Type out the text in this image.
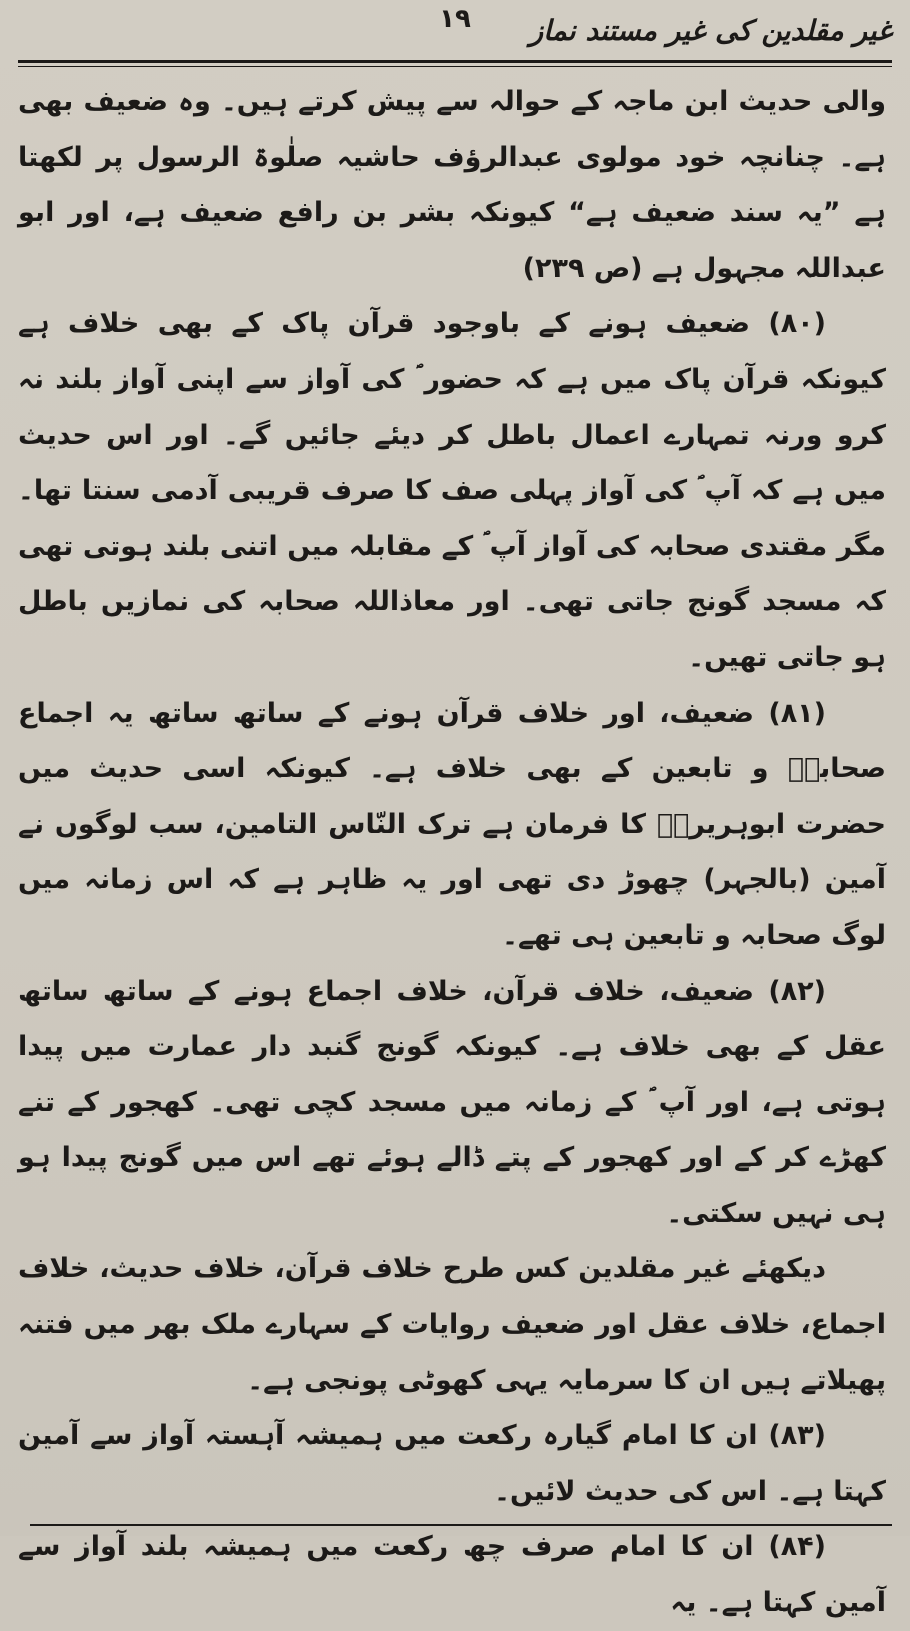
١٩	غیر مقلدین کی غیر مستند نماز

والی حدیث ابن ماجہ کے حوالہ سے پیش کرتے ہیں۔ وہ ضعیف بھی ہے۔ چنانچہ خود مولوی عبدالرؤف حاشیہ صلٰوۃ الرسول پر لکھتا ہے ”یہ سند ضعیف ہے“ کیونکہ بشر بن رافع ضعیف ہے، اور ابو عبداللہ مجہول ہے (ص ۲۳۹)

(۸۰) ضعیف ہونے کے باوجود قرآن پاک کے بھی خلاف ہے کیونکہ قرآن پاک میں ہے کہ حضور ؐ کی آواز سے اپنی آواز بلند نہ کرو ورنہ تمہارے اعمال باطل کر دیئے جائیں گے۔ اور اس حدیث میں ہے کہ آپ ؐ کی آواز پہلی صف کا صرف قریبی آدمی سنتا تھا۔ مگر مقتدی صحابہ کی آواز آپ ؐ کے مقابلہ میں اتنی بلند ہوتی تھی کہ مسجد گونج جاتی تھی۔ اور معاذاللہ صحابہ کی نمازیں باطل ہو جاتی تھیں۔

(۸۱) ضعیف، اور خلاف قرآن ہونے کے ساتھ ساتھ یہ اجماع صحابہؓ و تابعین کے بھی خلاف ہے۔ کیونکہ اسی حدیث میں حضرت ابوہریرہؓ کا فرمان ہے ترک النّاس التامین، سب لوگوں نے آمین (بالجہر) چھوڑ دی تھی اور یہ ظاہر ہے کہ اس زمانہ میں لوگ صحابہ و تابعین ہی تھے۔

(۸۲) ضعیف، خلاف قرآن، خلاف اجماع ہونے کے ساتھ ساتھ عقل کے بھی خلاف ہے۔ کیونکہ گونج گنبد دار عمارت میں پیدا ہوتی ہے، اور آپ ؐ کے زمانہ میں مسجد کچی تھی۔ کھجور کے تنے کھڑے کر کے اور کھجور کے پتے ڈالے ہوئے تھے اس میں گونج پیدا ہو ہی نہیں سکتی۔

دیکھئے غیر مقلدین کس طرح خلاف قرآن، خلاف حدیث، خلاف اجماع، خلاف عقل اور ضعیف روایات کے سہارے ملک بھر میں فتنہ پھیلاتے ہیں ان کا سرمایہ یہی کھوٹی پونجی ہے۔

(۸۳) ان کا امام گیارہ رکعت میں ہمیشہ آہستہ آواز سے آمین کہتا ہے۔ اس کی حدیث لائیں۔

(۸۴) ان کا امام صرف چھ رکعت میں ہمیشہ بلند آواز سے آمین کہتا ہے۔ یہ
